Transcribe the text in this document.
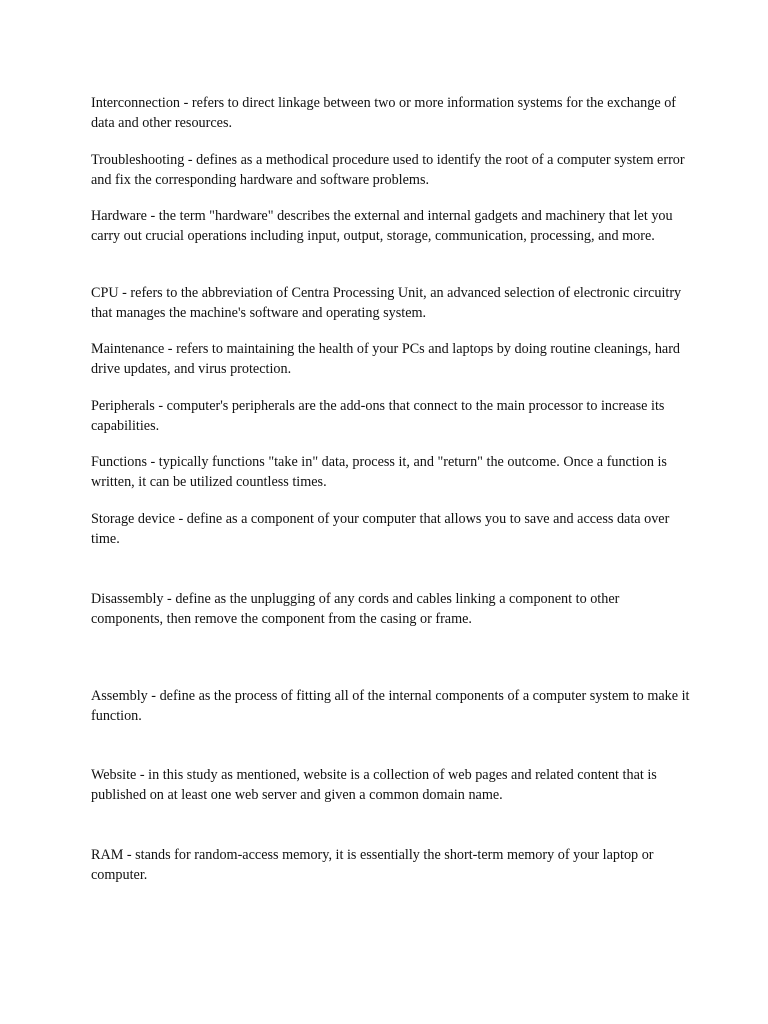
Interconnection - refers to direct linkage between two or more information systems for the exchange of data and other resources.

Troubleshooting - defines as a methodical procedure used to identify the root of a computer system error and fix the corresponding hardware and software problems.

Hardware - the term "hardware" describes the external and internal gadgets and machinery that let you carry out crucial operations including input, output, storage, communication, processing, and more.

CPU - refers to the abbreviation of Centra Processing Unit, an advanced selection of electronic circuitry that manages the machine's software and operating system.

Maintenance - refers to maintaining the health of your PCs and laptops by doing routine cleanings, hard drive updates, and virus protection.

Peripherals - computer's peripherals are the add-ons that connect to the main processor to increase its capabilities.

Functions - typically functions "take in" data, process it, and "return" the outcome. Once a function is written, it can be utilized countless times.

Storage device - define as a component of your computer that allows you to save and access data over time.

Disassembly - define as the unplugging of any cords and cables linking a component to other components, then remove the component from the casing or frame.

Assembly - define as the process of fitting all of the internal components of a computer system to make it function.

Website - in this study as mentioned, website is a collection of web pages and related content that is published on at least one web server and given a common domain name.

RAM - stands for random-access memory, it is essentially the short-term memory of your laptop or computer.
